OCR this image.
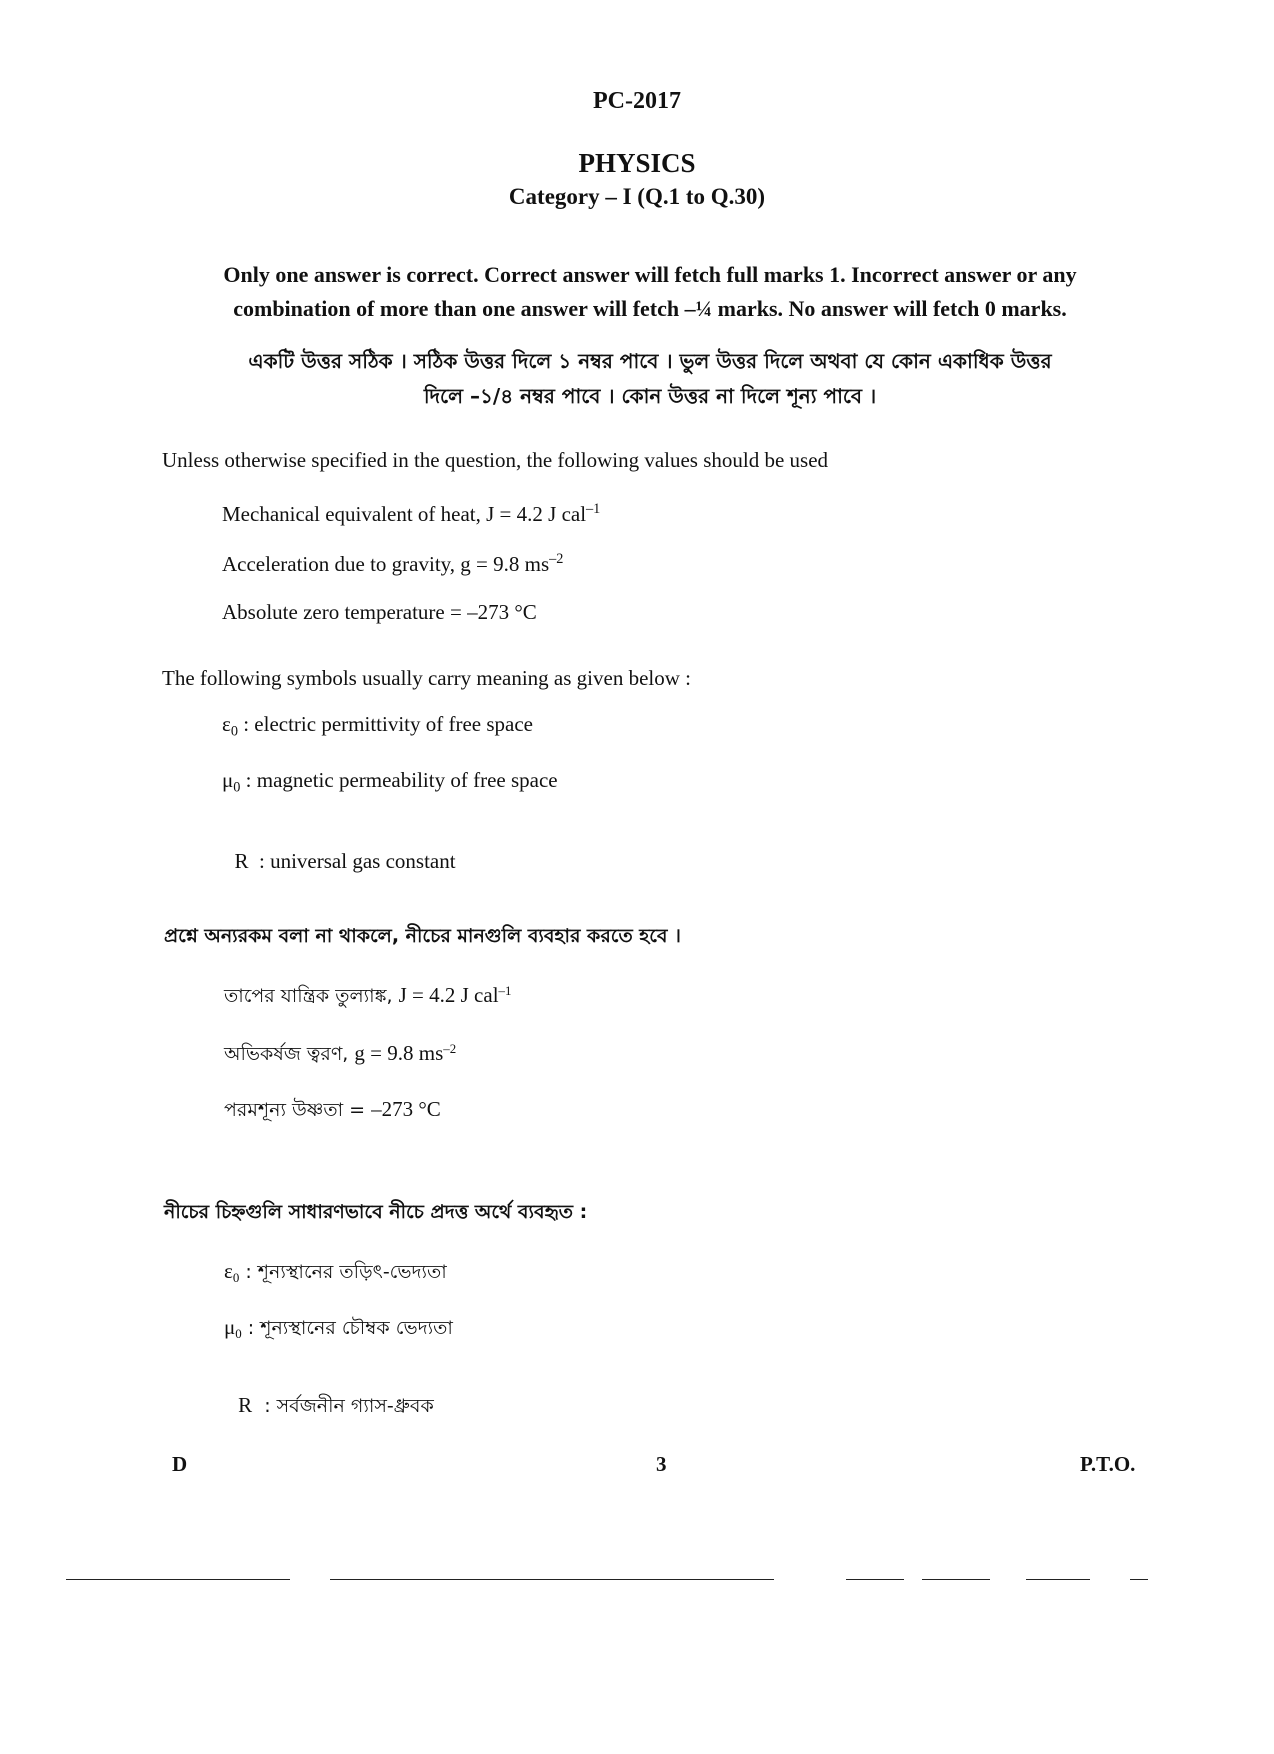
PC-2017
PHYSICS
Category – I (Q.1 to Q.30)
Only one answer is correct. Correct answer will fetch full marks 1. Incorrect answer or any
combination of more than one answer will fetch –¼ marks. No answer will fetch 0 marks.
একটি উত্তর সঠিক । সঠিক উত্তর দিলে ১ নম্বর পাবে । ভুল উত্তর দিলে অথবা যে কোন একাধিক উত্তর
দিলে –১/৪ নম্বর পাবে । কোন উত্তর না দিলে শূন্য পাবে ।
Unless otherwise specified in the question, the following values should be used
Mechanical equivalent of heat, J = 4.2 J cal$^{-1}$
Acceleration due to gravity, g = 9.8 $ms^{-2}$
Absolute zero temperature = –273 °C
The following symbols usually carry meaning as given below :
$\varepsilon_0$ : electric permittivity of free space
$\mu_0$ : magnetic permeability of free space

R  : universal gas constant

প্রশ্নে অন্যরকম বলা না থাকলে, নীচের মানগুলি ব্যবহার করতে হবে ।
তাপের যান্ত্রিক তুল্যাঙ্ক, J = 4.2 J cal$^{-1}$
অভিকর্ষজ ত্বরণ, g = 9.8 $ms^{-2}$
পরমশূন্য উষ্ণতা = –273 °C
নীচের চিহ্নগুলি সাধারণভাবে নীচে প্রদত্ত অর্থে ব্যবহৃত :
$\varepsilon_0$ : শূন্যস্থানের তড়িৎ-ভেদ্যতা
$\mu_0$ : শূন্যস্থানের চৌম্বক ভেদ্যতা

R  : সর্বজনীন গ্যাস-ধ্রুবক

D	3	P.T.O.
